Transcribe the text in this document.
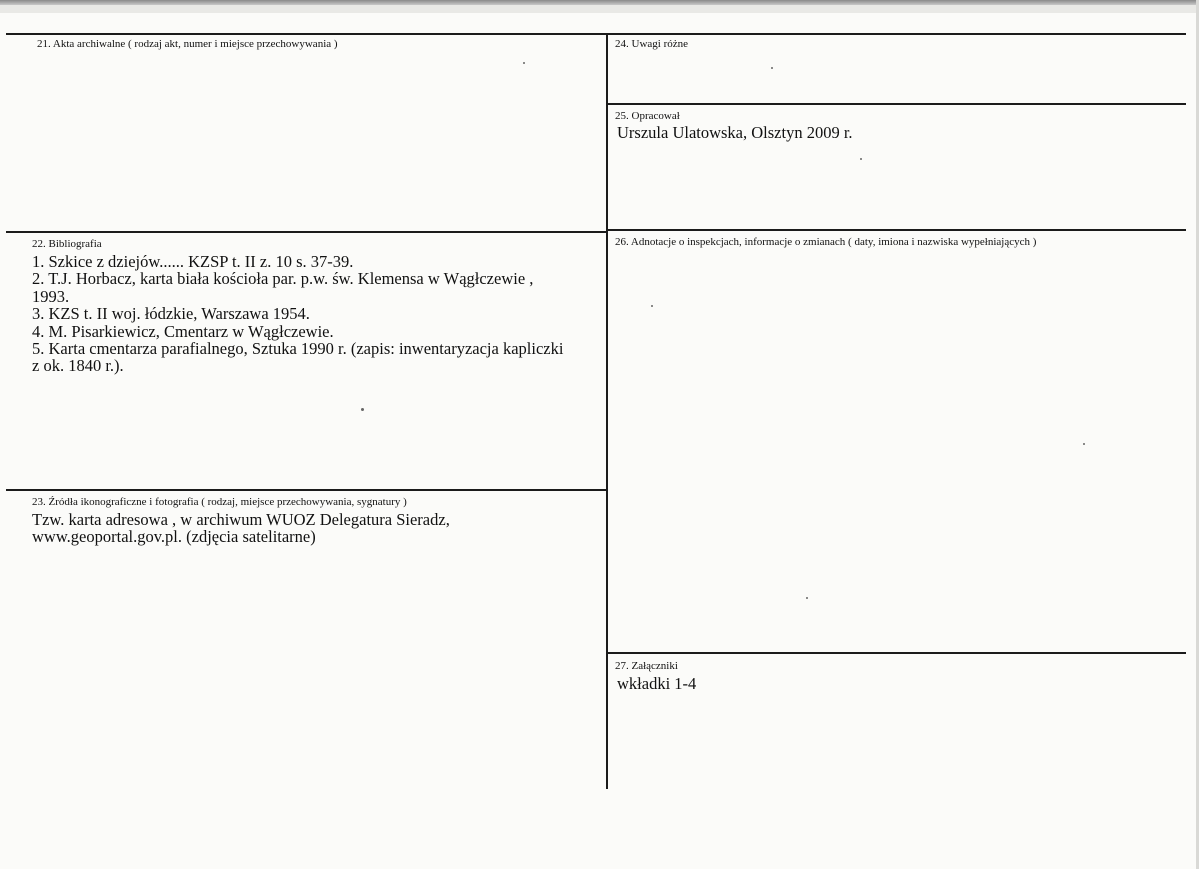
21. Akta archiwalne ( rodzaj akt, numer i miejsce przechowywania )	24. Uwagi różne
25. Opracował
Urszula Ulatowska, Olsztyn 2009 r.
22. Bibliografia

1. Szkice z dziejów...... KZSP t. II z. 10 s. 37-39.

2. T.J. Horbacz, karta biała kościoła par. p.w. św. Klemensa w Wągłczewie ,

1993.

3. KZS t. II woj. łódzkie, Warszawa 1954.

4. M. Pisarkiewicz, Cmentarz w Wągłczewie.

5. Karta cmentarza parafialnego, Sztuka 1990 r. (zapis: inwentaryzacja kapliczki

z ok. 1840 r.).

26. Adnotacje o inspekcjach, informacje o zmianach ( daty, imiona i nazwiska wypełniających )
23. Źródła ikonograficzne i fotografia ( rodzaj, miejsce przechowywania, sygnatury )

Tzw. karta adresowa , w archiwum WUOZ Delegatura Sieradz,

www.geoportal.gov.pl. (zdjęcia satelitarne)

27. Załączniki
wkładki 1-4
